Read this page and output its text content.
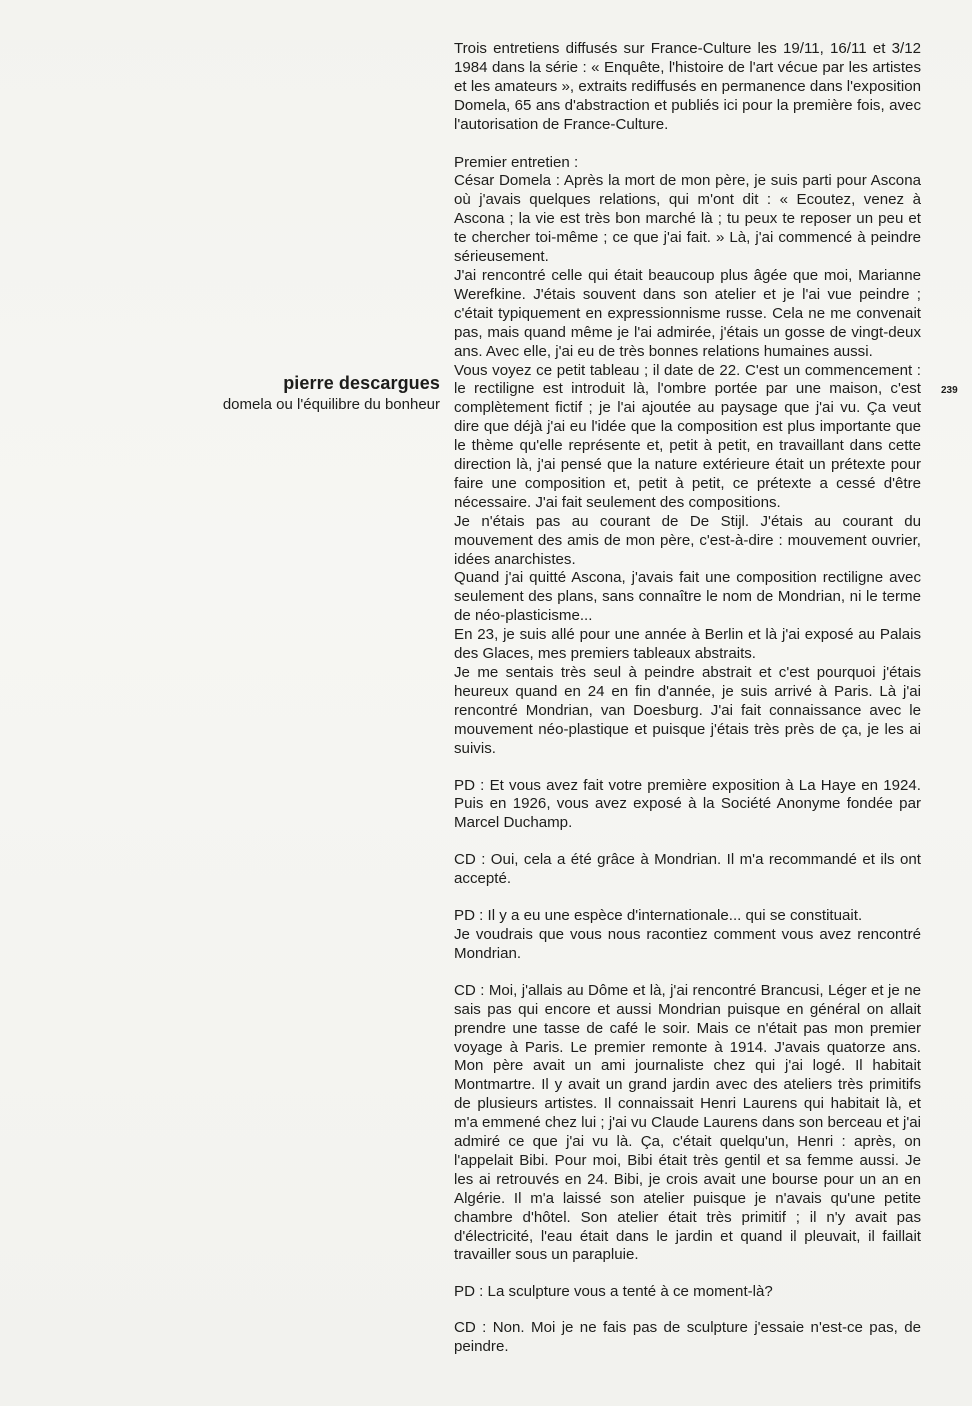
pierre descargues
domela ou l'équilibre du bonheur
239

Trois entretiens diffusés sur France-Culture les 19/11, 16/11 et 3/12 1984 dans la série : « Enquête, l'histoire de l'art vécue par les artistes et les amateurs », extraits rediffusés en permanence dans l'exposition Domela, 65 ans d'abstraction et publiés ici pour la première fois, avec l'autorisation de France-Culture.

Premier entretien :

César Domela : Après la mort de mon père, je suis parti pour Ascona où j'avais quelques relations, qui m'ont dit : « Ecoutez, venez à Ascona ; la vie est très bon marché là ; tu peux te reposer un peu et te chercher toi-même ; ce que j'ai fait. » Là, j'ai commencé à peindre sérieusement.

J'ai rencontré celle qui était beaucoup plus âgée que moi, Marianne Werefkine. J'étais souvent dans son atelier et je l'ai vue peindre ; c'était typiquement en expressionnisme russe. Cela ne me convenait pas, mais quand même je l'ai admirée, j'étais un gosse de vingt-deux ans. Avec elle, j'ai eu de très bonnes relations humaines aussi.

Vous voyez ce petit tableau ; il date de 22. C'est un commencement : le rectiligne est introduit là, l'ombre portée par une maison, c'est complètement fictif ; je l'ai ajoutée au paysage que j'ai vu. Ça veut dire que déjà j'ai eu l'idée que la composition est plus importante que le thème qu'elle représente et, petit à petit, en travaillant dans cette direction là, j'ai pensé que la nature extérieure était un prétexte pour faire une composition et, petit à petit, ce prétexte a cessé d'être nécessaire. J'ai fait seulement des compositions.

Je n'étais pas au courant de De Stijl. J'étais au courant du mouvement des amis de mon père, c'est-à-dire : mouvement ouvrier, idées anarchistes.

Quand j'ai quitté Ascona, j'avais fait une composition rectiligne avec seulement des plans, sans connaître le nom de Mondrian, ni le terme de néo-plasticisme...

En 23, je suis allé pour une année à Berlin et là j'ai exposé au Palais des Glaces, mes premiers tableaux abstraits.

Je me sentais très seul à peindre abstrait et c'est pourquoi j'étais heureux quand en 24 en fin d'année, je suis arrivé à Paris. Là j'ai rencontré Mondrian, van Doesburg. J'ai fait connaissance avec le mouvement néo-plastique et puisque j'étais très près de ça, je les ai suivis.

PD : Et vous avez fait votre première exposition à La Haye en 1924. Puis en 1926, vous avez exposé à la Société Anonyme fondée par Marcel Duchamp.

CD : Oui, cela a été grâce à Mondrian. Il m'a recommandé et ils ont accepté.

PD : Il y a eu une espèce d'internationale... qui se constituait.

Je voudrais que vous nous racontiez comment vous avez rencontré Mondrian.

CD : Moi, j'allais au Dôme et là, j'ai rencontré Brancusi, Léger et je ne sais pas qui encore et aussi Mondrian puisque en général on allait prendre une tasse de café le soir. Mais ce n'était pas mon premier voyage à Paris. Le premier remonte à 1914. J'avais quatorze ans. Mon père avait un ami journaliste chez qui j'ai logé. Il habitait Montmartre. Il y avait un grand jardin avec des ateliers très primitifs de plusieurs artistes. Il connaissait Henri Laurens qui habitait là, et m'a emmené chez lui ; j'ai vu Claude Laurens dans son berceau et j'ai admiré ce que j'ai vu là. Ça, c'était quelqu'un, Henri : après, on l'appelait Bibi. Pour moi, Bibi était très gentil et sa femme aussi. Je les ai retrouvés en 24. Bibi, je crois avait une bourse pour un an en Algérie. Il m'a laissé son atelier puisque je n'avais qu'une petite chambre d'hôtel. Son atelier était très primitif ; il n'y avait pas d'électricité, l'eau était dans le jardin et quand il pleuvait, il faillait travailler sous un parapluie.

PD : La sculpture vous a tenté à ce moment-là?

CD : Non. Moi je ne fais pas de sculpture j'essaie n'est-ce pas, de peindre.
